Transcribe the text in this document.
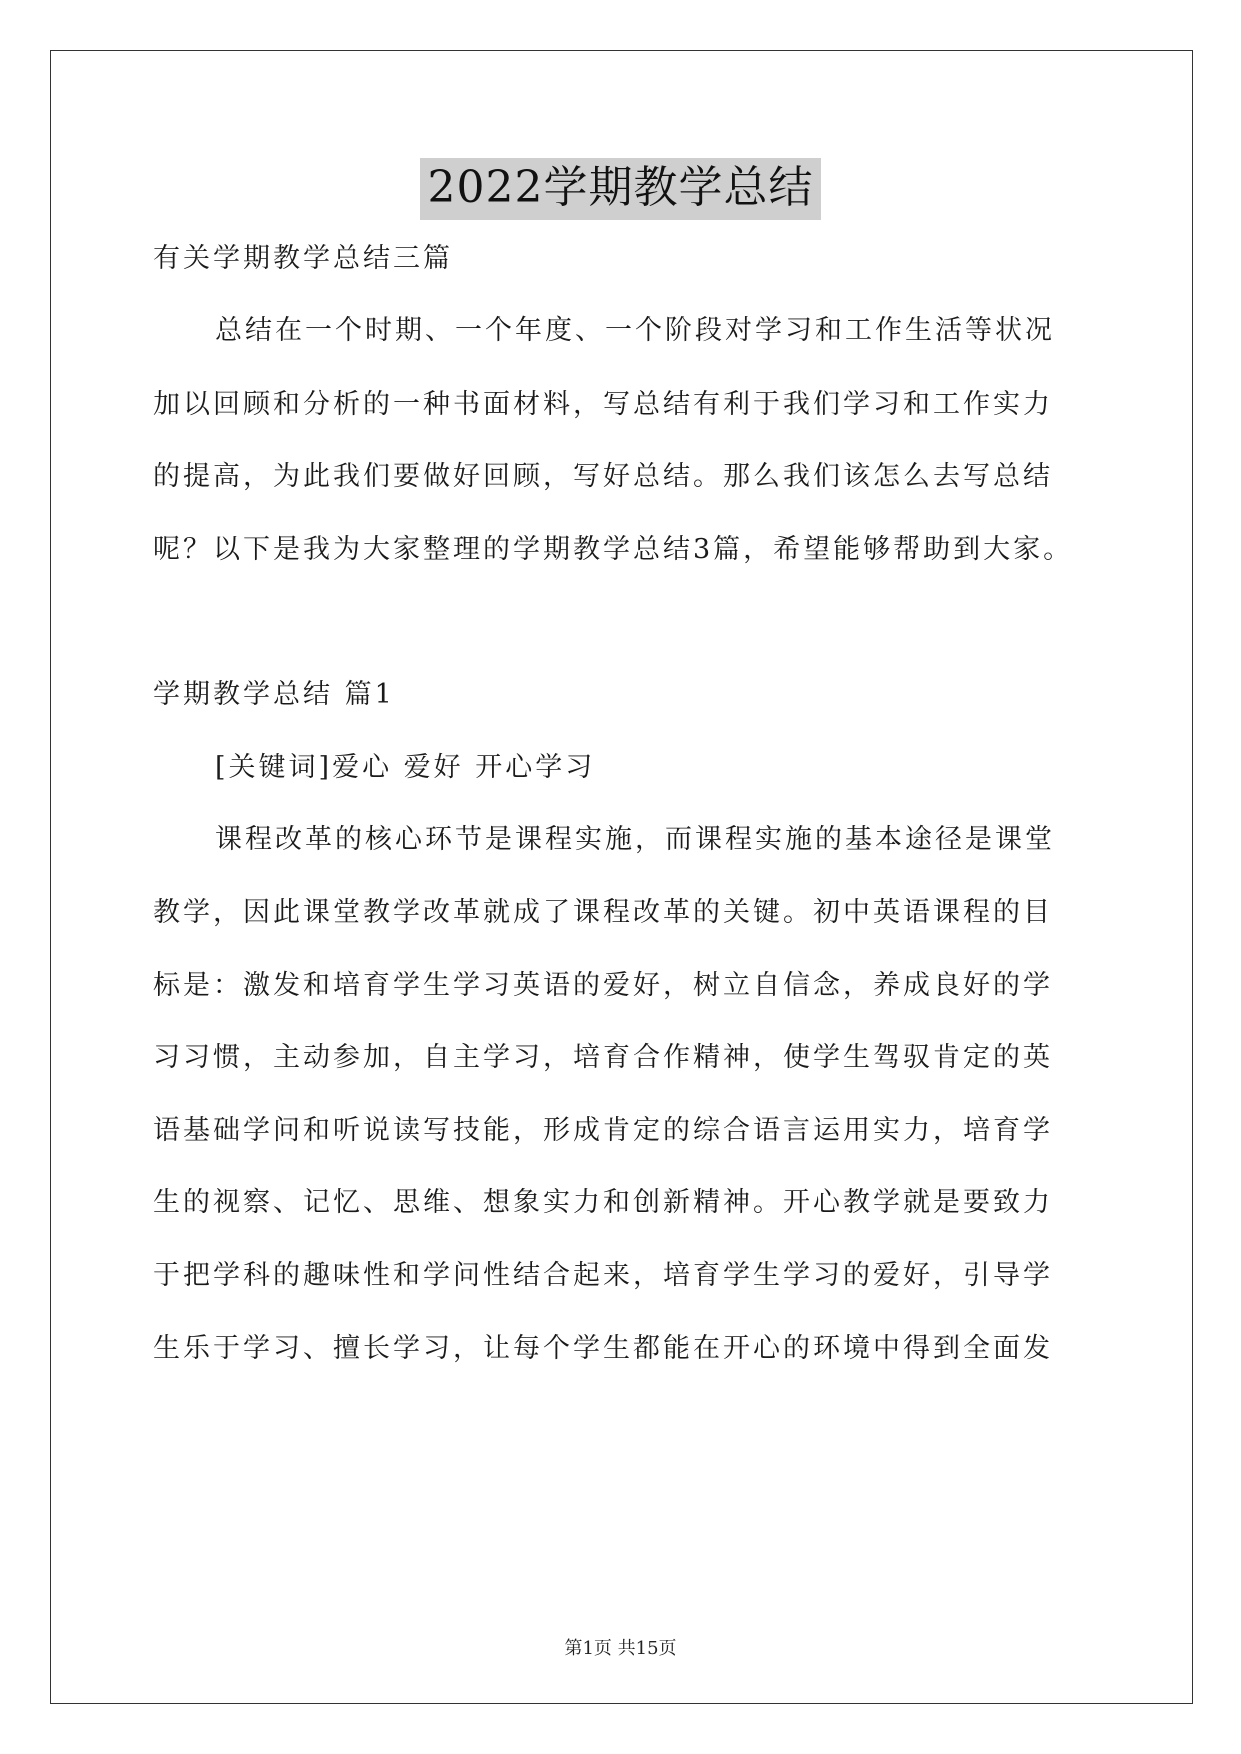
2022学期教学总结
有关学期教学总结三篇
总结在一个时期、一个年度、一个阶段对学习和工作生活等状况
加以回顾和分析的一种书面材料，写总结有利于我们学习和工作实力
的提高，为此我们要做好回顾，写好总结。那么我们该怎么去写总结
呢？以下是我为大家整理的学期教学总结3篇，希望能够帮助到大家。
学期教学总结 篇1
[关键词]爱心 爱好 开心学习
课程改革的核心环节是课程实施，而课程实施的基本途径是课堂
教学，因此课堂教学改革就成了课程改革的关键。初中英语课程的目
标是：激发和培育学生学习英语的爱好，树立自信念，养成良好的学
习习惯，主动参加，自主学习，培育合作精神，使学生驾驭肯定的英
语基础学问和听说读写技能，形成肯定的综合语言运用实力，培育学
生的视察、记忆、思维、想象实力和创新精神。开心教学就是要致力
于把学科的趣味性和学问性结合起来，培育学生学习的爱好，引导学
生乐于学习、擅长学习，让每个学生都能在开心的环境中得到全面发
第1页 共15页
